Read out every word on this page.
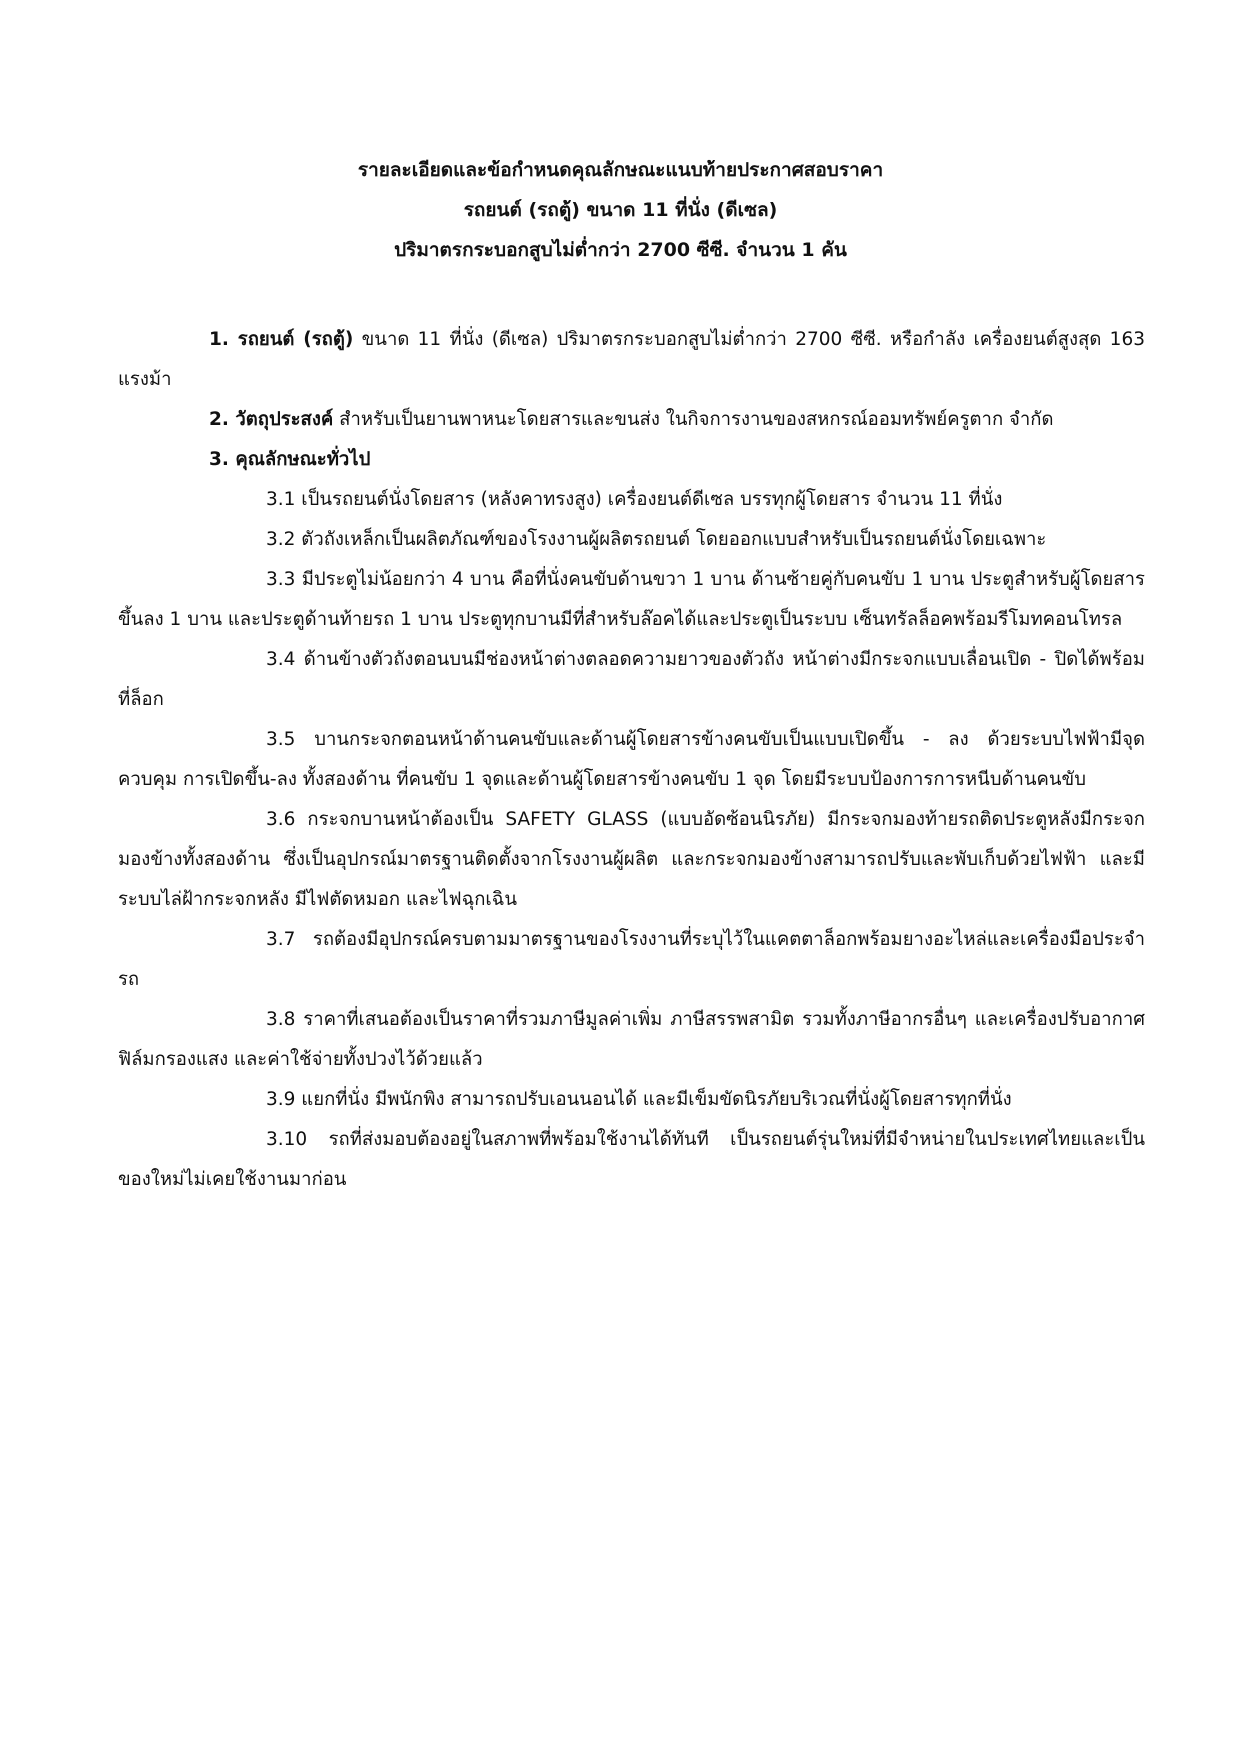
รายละเอียดและข้อกำหนดคุณลักษณะแนบท้ายประกาศสอบราคา
รถยนต์ (รถตู้) ขนาด 11 ที่นั่ง (ดีเซล)
ปริมาตรกระบอกสูบไม่ต่ำกว่า 2700 ซีซี. จำนวน 1 คัน

1. รถยนต์ (รถตู้) ขนาด 11 ที่นั่ง (ดีเซล) ปริมาตรกระบอกสูบไม่ต่ำกว่า 2700 ซีซี. หรือกำลัง เครื่องยนต์สูงสุด 163 แรงม้า

2. วัตถุประสงค์ สำหรับเป็นยานพาหนะโดยสารและขนส่ง ในกิจการงานของสหกรณ์ออมทรัพย์ครูตาก จำกัด

3. คุณลักษณะทั่วไป

3.1 เป็นรถยนต์นั่งโดยสาร (หลังคาทรงสูง) เครื่องยนต์ดีเซล บรรทุกผู้โดยสาร จำนวน 11 ที่นั่ง

3.2 ตัวถังเหล็กเป็นผลิตภัณฑ์ของโรงงานผู้ผลิตรถยนต์ โดยออกแบบสำหรับเป็นรถยนต์นั่งโดยเฉพาะ

3.3 มีประตูไม่น้อยกว่า 4 บาน คือที่นั่งคนขับด้านขวา 1 บาน ด้านซ้ายคู่กับคนขับ 1 บาน ประตูสำหรับผู้โดยสารขึ้นลง 1 บาน และประตูด้านท้ายรถ 1 บาน ประตูทุกบานมีที่สำหรับล๊อคได้และประตูเป็นระบบ เซ็นทรัลล็อคพร้อมรีโมทคอนโทรล

3.4 ด้านข้างตัวถังตอนบนมีช่องหน้าต่างตลอดความยาวของตัวถัง หน้าต่างมีกระจกแบบเลื่อนเปิด - ปิดได้พร้อมที่ล็อก

3.5 บานกระจกตอนหน้าด้านคนขับและด้านผู้โดยสารข้างคนขับเป็นแบบเปิดขึ้น - ลง ด้วยระบบไฟฟ้ามีจุดควบคุม การเปิดขึ้น-ลง ทั้งสองด้าน ที่คนขับ 1 จุดและด้านผู้โดยสารข้างคนขับ 1 จุด โดยมีระบบป้องการการหนีบด้านคนขับ

3.6 กระจกบานหน้าต้องเป็น SAFETY GLASS (แบบอัดซ้อนนิรภัย) มีกระจกมองท้ายรถติดประตูหลังมีกระจกมองข้างทั้งสองด้าน ซึ่งเป็นอุปกรณ์มาตรฐานติดตั้งจากโรงงานผู้ผลิต และกระจกมองข้างสามารถปรับและพับเก็บด้วยไฟฟ้า และมีระบบไล่ฝ้ากระจกหลัง มีไฟตัดหมอก และไฟฉุกเฉิน

3.7 รถต้องมีอุปกรณ์ครบตามมาตรฐานของโรงงานที่ระบุไว้ในแคตตาล็อกพร้อมยางอะไหล่และเครื่องมือประจำรถ

3.8 ราคาที่เสนอต้องเป็นราคาที่รวมภาษีมูลค่าเพิ่ม ภาษีสรรพสามิต รวมทั้งภาษีอากรอื่นๆ และเครื่องปรับอากาศ ฟิล์มกรองแสง และค่าใช้จ่ายทั้งปวงไว้ด้วยแล้ว

3.9 แยกที่นั่ง มีพนักพิง สามารถปรับเอนนอนได้ และมีเข็มขัดนิรภัยบริเวณที่นั่งผู้โดยสารทุกที่นั่ง

3.10 รถที่ส่งมอบต้องอยู่ในสภาพที่พร้อมใช้งานได้ทันที เป็นรถยนต์รุ่นใหม่ที่มีจำหน่ายในประเทศไทยและเป็น ของใหม่ไม่เคยใช้งานมาก่อน
